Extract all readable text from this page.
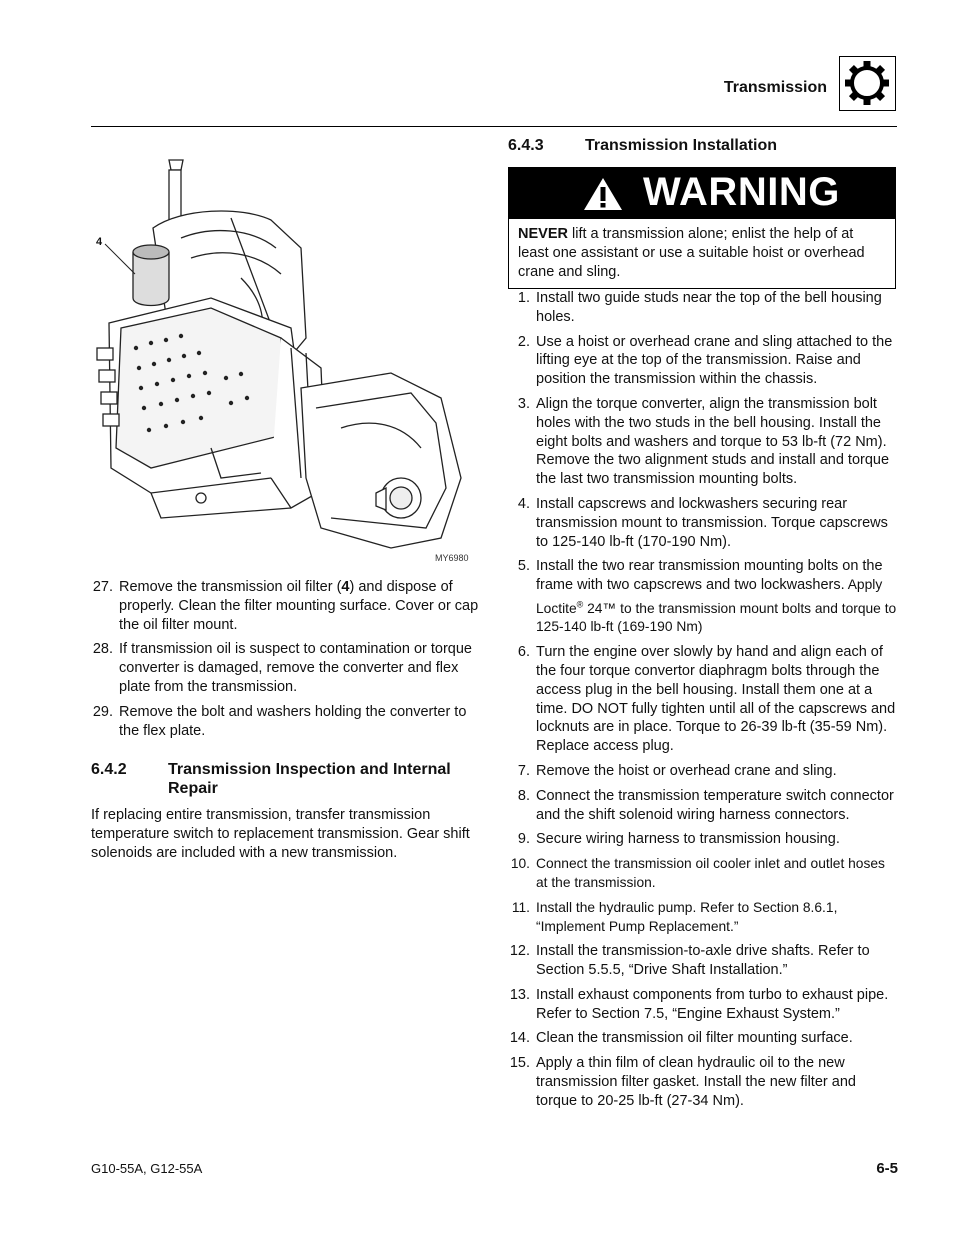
Transmission
4
MY6980
27. Remove the transmission oil filter (4) and dispose of properly. Clean the filter mounting surface. Cover or cap the oil filter mount.
28. If transmission oil is suspect to contamination or torque converter is damaged, remove the converter and flex plate from the transmission.
29. Remove the bolt and washers holding the converter to the flex plate.
6.4.2	Transmission Inspection and Internal Repair
If replacing entire transmission, transfer transmission temperature switch to replacement transmission. Gear shift solenoids are included with a new transmission.
6.4.3	Transmission Installation
WARNING
NEVER lift a transmission alone; enlist the help of at least one assistant or use a suitable hoist or overhead crane and sling.
1. Install two guide studs near the top of the bell housing holes.
2. Use a hoist or overhead crane and sling attached to the lifting eye at the top of the transmission. Raise and position the transmission within the chassis.
3. Align the torque converter, align the transmission bolt holes with the two studs in the bell housing. Install the eight bolts and washers and torque to 53 lb-ft (72 Nm). Remove the two alignment studs and install and torque the last two transmission mounting bolts.
4. Install capscrews and lockwashers securing rear transmission mount to transmission. Torque capscrews to 125-140 lb-ft (170-190 Nm).
5. Install the two rear transmission mounting bolts on the frame with two capscrews and two lockwashers. Apply Loctite® 24™ to the transmission mount bolts and torque to 125-140 lb-ft (169-190 Nm)
6. Turn the engine over slowly by hand and align each of the four torque convertor diaphragm bolts through the access plug in the bell housing. Install them one at a time. DO NOT fully tighten until all of the capscrews and locknuts are in place. Torque to 26-39 lb-ft (35-59 Nm). Replace access plug.
7. Remove the hoist or overhead crane and sling.
8. Connect the transmission temperature switch connector and the shift solenoid wiring harness connectors.
9. Secure wiring harness to transmission housing.
10. Connect the transmission oil cooler inlet and outlet hoses at the transmission.
11. Install the hydraulic pump. Refer to Section 8.6.1, “Implement Pump Replacement.”
12. Install the transmission-to-axle drive shafts. Refer to Section 5.5.5, “Drive Shaft Installation.”
13. Install exhaust components from turbo to exhaust pipe. Refer to Section 7.5, “Engine Exhaust System.”
14. Clean the transmission oil filter mounting surface.
15. Apply a thin film of clean hydraulic oil to the new transmission filter gasket. Install the new filter and torque to 20-25 lb-ft (27-34 Nm).
G10-55A, G12-55A	6-5
